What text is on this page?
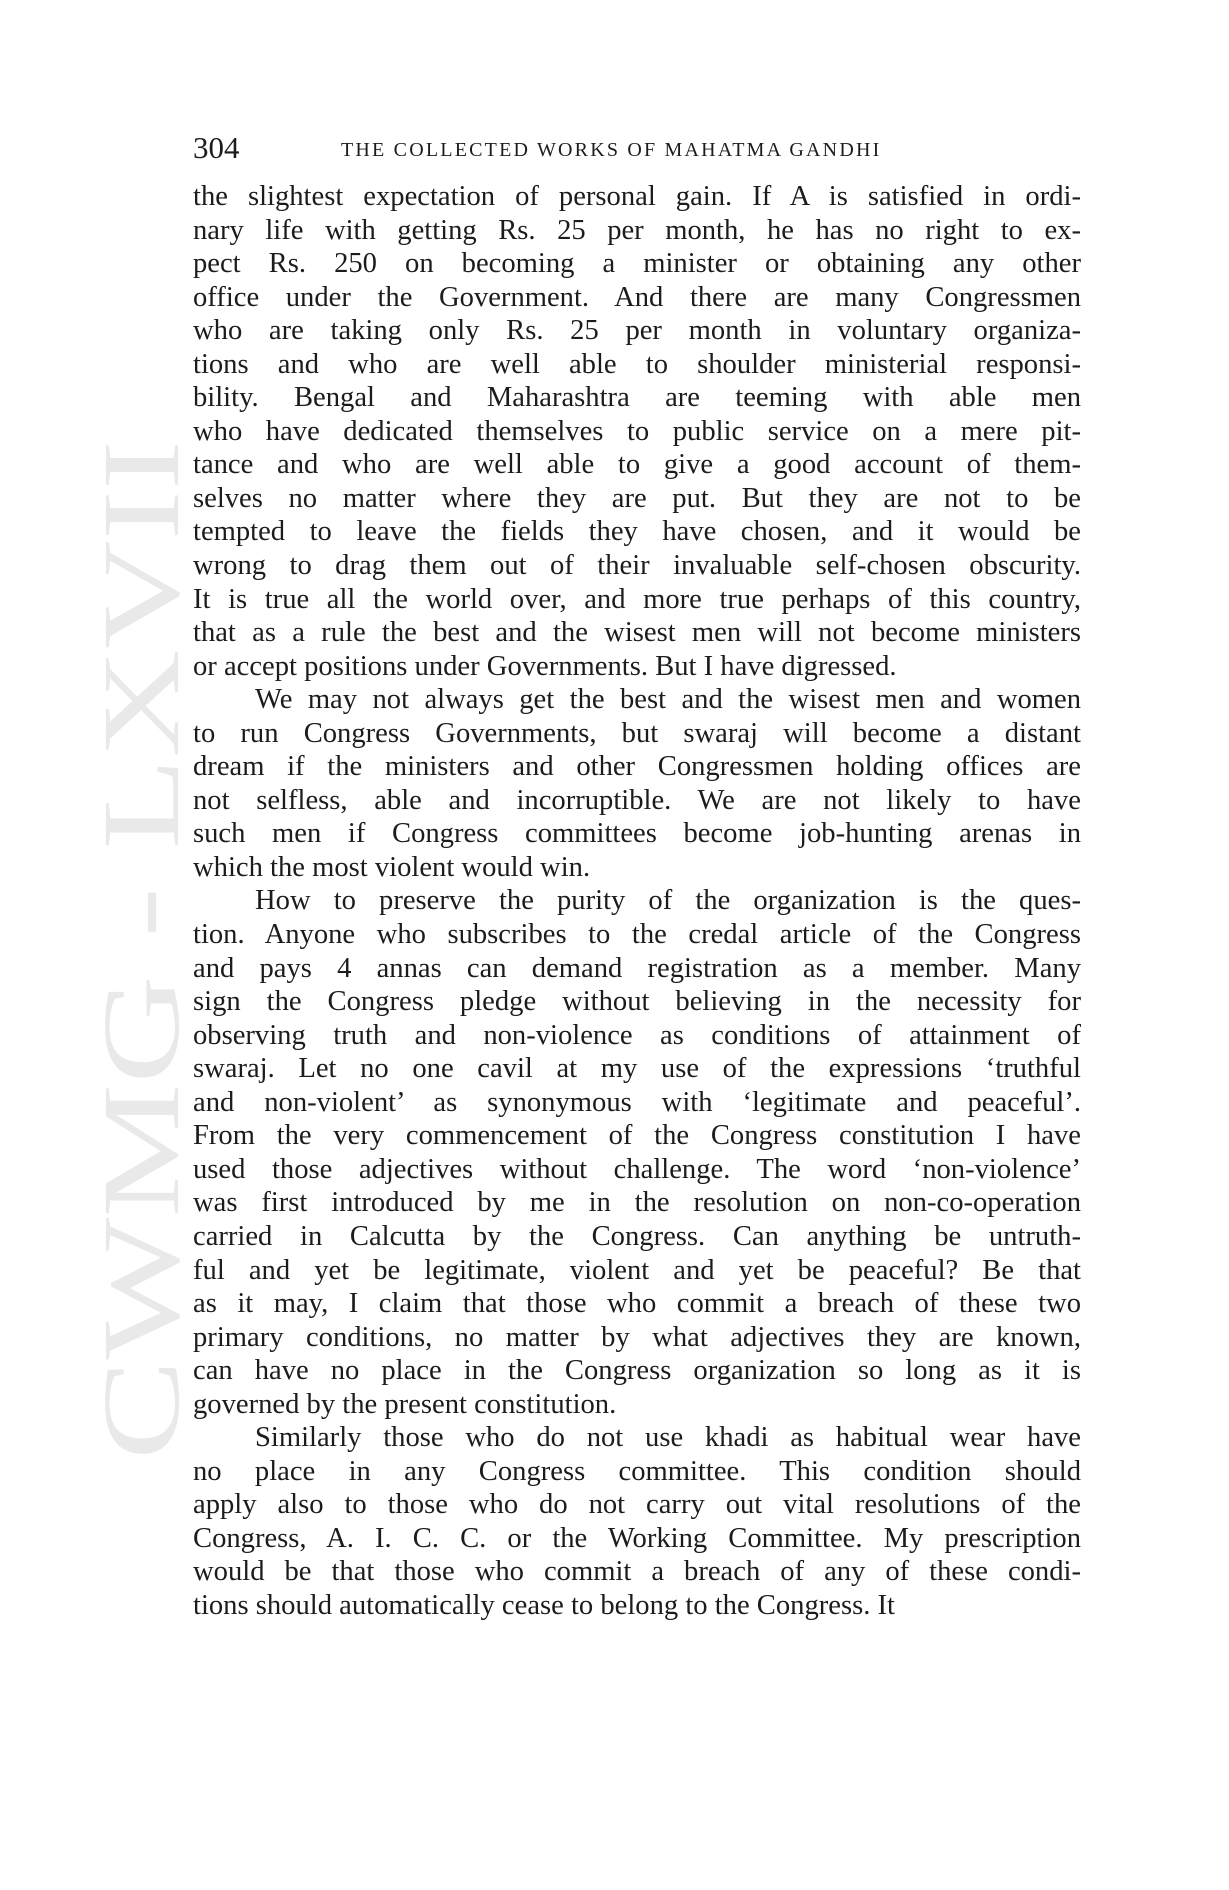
CWMG - LXVII
304	THE COLLECTED WORKS OF MAHATMA GANDHI
the slightest expectation of personal gain. If A is satisfied in ordi-
nary life with getting Rs. 25 per month, he has no right to ex-
pect Rs. 250 on becoming a minister or obtaining any other
office under the Government. And there are many Congressmen
who are taking only Rs. 25 per month in voluntary organiza-
tions and who are well able to shoulder ministerial responsi-
bility. Bengal and Maharashtra are teeming with able men
who have dedicated themselves to public service on a mere pit-
tance and who are well able to give a good account of them-
selves no matter where they are put. But they are not to be
tempted to leave the fields they have chosen, and it would be
wrong to drag them out of their invaluable self-chosen obscurity.
It is true all the world over, and more true perhaps of this country,
that as a rule the best and the wisest men will not become ministers
or accept positions under Governments. But I have digressed.
We may not always get the best and the wisest men and women
to run Congress Governments, but swaraj will become a distant
dream if the ministers and other Congressmen holding offices are
not selfless, able and incorruptible. We are not likely to have
such men if Congress committees become job-hunting arenas in
which the most violent would win.
How to preserve the purity of the organization is the ques-
tion. Anyone who subscribes to the credal article of the Congress
and pays 4 annas can demand registration as a member. Many
sign the Congress pledge without believing in the necessity for
observing truth and non-violence as conditions of attainment of
swaraj. Let no one cavil at my use of the expressions ‘truthful
and non-violent’ as synonymous with ‘legitimate and peaceful’.
From the very commencement of the Congress constitution I have
used those adjectives without challenge. The word ‘non-violence’
was first introduced by me in the resolution on non-co-operation
carried in Calcutta by the Congress. Can anything be untruth-
ful and yet be legitimate, violent and yet be peaceful? Be that
as it may, I claim that those who commit a breach of these two
primary conditions, no matter by what adjectives they are known,
can have no place in the Congress organization so long as it is
governed by the present constitution.
Similarly those who do not use khadi as habitual wear have
no place in any Congress committee. This condition should
apply also to those who do not carry out vital resolutions of the
Congress, A. I. C. C. or the Working Committee. My prescription
would be that those who commit a breach of any of these condi-
tions should automatically cease to belong to the Congress. It
